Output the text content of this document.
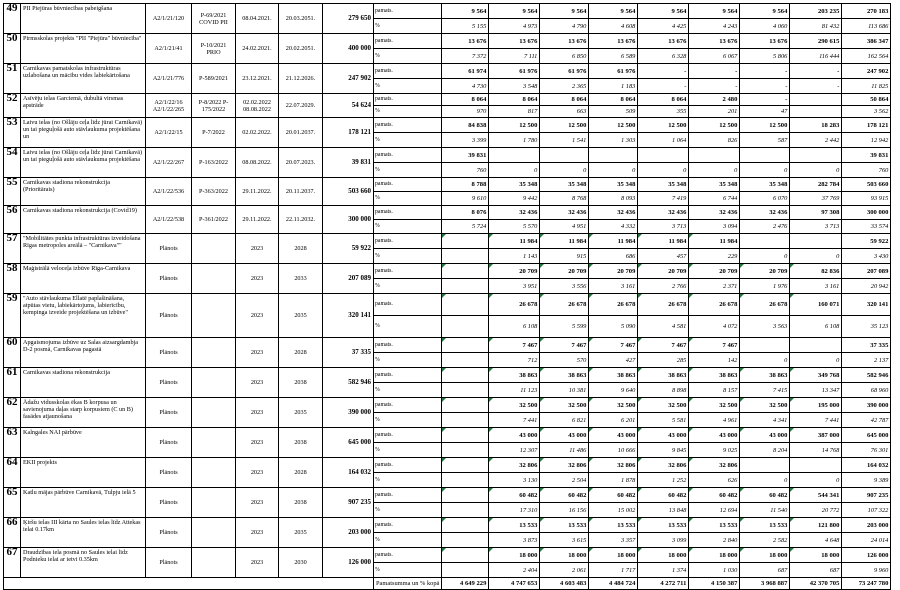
49	PII Piejūras būvniecības pabeigšana	A2/1/21/120	P-69/2021 COVID PII	08.04.2021.	20.03.2051.	279 650	pamats.	9 564	9 564	9 564	9 564	9 564	9 564	9 564	203 235	270 183
							%	5 155	4 973	4 790	4 608	4 425	4 243	4 060	81 432	113 686
50	Pirmsskolas projekts "PII "Piejūra" būvniecība"	A2/1/21/41	P-10/2021 PRIO	24.02.2021.	20.02.2051.	400 000	pamats.	13 676	13 676	13 676	13 676	13 676	13 676	13 676	290 615	386 347
							%	7 372	7 111	6 850	6 589	6 328	6 067	5 806	116 444	162 564
51	Carnikavas pamatskolas infrastruktūras uzlabošana un mācību vides labiekārtošana	A2/1/21/776	P-589/2021	23.12.2021.	21.12.2026.	247 902	pamats.	61 974	61 976	61 976	61 976	-	-	-	-	247 902
							%	4 730	3 548	2 365	1 183	-	-	-	-	11 825
52	Asīvēju ielas Garciemā, dubultā virsmas apstrāde	A2/1/22/16 A2/1/22/265	P-8/2022 P-175/2022	02.02.2022 08.08.2022	22.07.2029.	54 624	pamats.	8 064	8 064	8 064	8 064	8 064	2 480	-		50 864
							%	970	817	663	509	355	201	47		3 562
53	Laivu ielas (no Ošlāju ceļa līdz jūrai Carnikavā) un tai pieguļošā auto stāvlaukuma projektēšana un	A2/1/22/15	P-7/2022	02.02.2022.	20.01.2037.	178 121	pamats.	84 838	12 500	12 500	12 500	12 500	12 500	12 500	18 283	178 121
							%	3 399	1 780	1 541	1 303	1 064	826	587	2 442	12 942
54	Laivu ielas (no Ošlāju ceļa līdz jūrai Carnikavā) un tai pieguļošā auto stāvlaukuma projektēšana	A2/1/22/267	P-163/2022	08.08.2022.	20.07.2023.	39 831	pamats.	39 831								39 831
							%	760	0	0	0	0	0	0	0	760
55	Carnikavas stadiona rekonstrukcija (Prioritārais)	A2/1/22/536	P-363/2022	29.11.2022.	20.11.2037.	503 660	pamats.	8 788	35 348	35 348	35 348	35 348	35 348	35 348	282 784	503 660
							%	9 610	9 442	8 768	8 093	7 419	6 744	6 070	37 769	93 915
56	Carnikavas stadiona rekonstrukcija (Covid19)	A2/1/22/538	P-361/2022	29.11.2022.	22.11.2032.	300 000	pamats.	8 076	32 436	32 436	32 436	32 436	32 436	32 436	97 308	300 000
							%	5 724	5 570	4 951	4 332	3 713	3 094	2 476	3 713	33 574
57	"Mobilitātes punkta infrastruktūras izveidošana Rīgas metropoles areālā – "Carnikava""	Plānots		2023	2028	59 922	pamats.		11 984	11 984	11 984	11 984	11 984			59 922
							%		1 143	915	686	457	229	0	0	3 430
58	Maģistrālā veloceļa izbūve Rīga-Carnikava	Plānots		2023	2033	207 089	pamats.		20 709	20 709	20 709	20 709	20 709	20 709	82 836	207 089
							%		3 951	3 556	3 161	2 766	2 371	1 976	3 161	20 942
59	"Auto stāvlaukuma Ellatē paplašināšana, atpūtas vietu, labiekārtojums, labierīcību, kempinga izveide projektēšana un izbūve"	Plānots		2023	2035	320 141	pamats.		26 678	26 678	26 678	26 678	26 678	26 678	160 071	320 141
							%		6 108	5 599	5 090	4 581	4 072	3 563	6 108	35 123
60	Apgaismojuma izbūve uz Salas aizsargdambja D-2 posmā, Carnikavas pagastā	Plānots		2023	2028	37 335	pamats.		7 467	7 467	7 467	7 467	7 467			37 335
							%		712	570	427	285	142	0	0	2 137
61	Carnikavas stadiona rekonstrukcija	Plānots		2023	2038	582 946	pamats.		38 863	38 863	38 863	38 863	38 863	38 863	349 768	582 946
							%		11 123	10 381	9 640	8 898	8 157	7 415	13 347	68 960
62	Ādažu vidusskolas ēkas B korpusa un savienojuma daļas starp korpusiem (C un B) fasādes atjaunošana	Plānots		2023	2035	390 000	pamats.		32 500	32 500	32 500	32 500	32 500	32 500	195 000	390 000
							%		7 441	6 821	6 201	5 581	4 961	4 341	7 441	42 787
63	Kalngales NAI pārbūve	Plānots		2023	2038	645 000	pamats.		43 000	43 000	43 000	43 000	43 000	43 000	387 000	645 000
							%		12 307	11 486	10 666	9 845	9 025	8 204	14 768	76 301
64	EKII projekts	Plānots		2023	2028	164 032	pamats.		32 806	32 806	32 806	32 806	32 806			164 032
							%		3 130	2 504	1 878	1 252	626	0	0	9 389
65	Katlu mājas pārbūve Carnikavā, Tulpju ielā 5	Plānots		2023	2038	907 235	pamats.		60 482	60 482	60 482	60 482	60 482	60 482	544 341	907 235
							%		17 310	16 156	15 002	13 848	12 694	11 540	20 772	107 322
66	Ķiršu ielas III kārta no Saules ielas līdz Attekas ielai 0.17km	Plānots		2023	2035	203 000	pamats.		13 533	13 533	13 533	13 533	13 533	13 533	121 800	203 000
							%		3 873	3 615	3 357	3 099	2 840	2 582	4 648	24 014
67	Draudzības iela posmā no Saules ielai līdz Podnieku ielai ar ietvi 0.35km	Plānots		2023	2030	126 000	pamats.		18 000	18 000	18 000	18 000	18 000	18 000	18 000	126 000
							%		2 404	2 061	1 717	1 374	1 030	687	687	9 960
							Pamatsumma un % kopā	4 649 229	4 747 653	4 603 483	4 484 724	4 272 711	4 150 387	3 968 887	42 370 705	73 247 780
